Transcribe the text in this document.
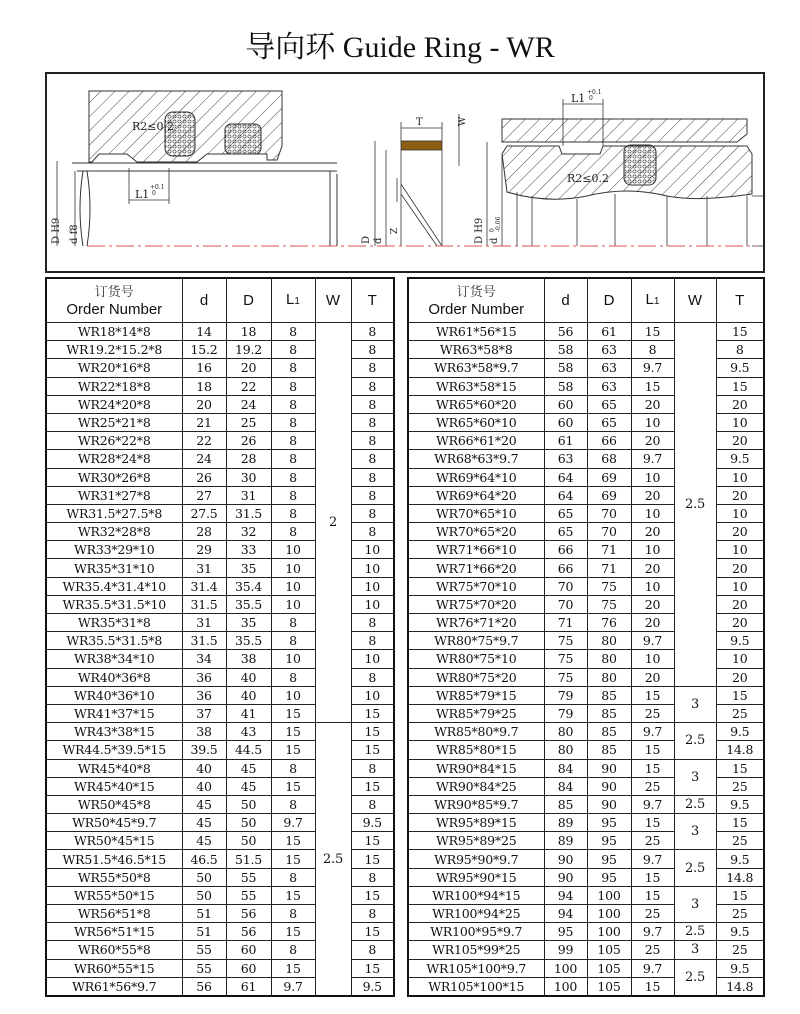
导向环 Guide Ring - WR
R2≤0.2
L1
+0.1
0
D H9 d f8
T	W
Z
D d
L1 +0.1
0
R2≤0.2
D H9 d
0 -0.06
订货号
Order Number	d	D	L1	W	T
WR18*14*8	14	18	8	2	8
WR19.2*15.2*8	15.2	19.2	8		8
WR20*16*8	16	20	8		8
WR22*18*8	18	22	8		8
WR24*20*8	20	24	8		8
WR25*21*8	21	25	8		8
WR26*22*8	22	26	8		8
WR28*24*8	24	28	8		8
WR30*26*8	26	30	8		8
WR31*27*8	27	31	8		8
WR31.5*27.5*8	27.5	31.5	8		8
WR32*28*8	28	32	8		8
WR33*29*10	29	33	10		10
WR35*31*10	31	35	10		10
WR35.4*31.4*10	31.4	35.4	10		10
WR35.5*31.5*10	31.5	35.5	10		10
WR35*31*8	31	35	8		8
WR35.5*31.5*8	31.5	35.5	8		8
WR38*34*10	34	38	10		10
WR40*36*8	36	40	8		8
WR40*36*10	36	40	10		10
WR41*37*15	37	41	15		15
WR43*38*15	38	43	15	2.5	15
WR44.5*39.5*15	39.5	44.5	15		15
WR45*40*8	40	45	8		8
WR45*40*15	40	45	15		15
WR50*45*8	45	50	8		8
WR50*45*9.7	45	50	9.7		9.5
WR50*45*15	45	50	15		15
WR51.5*46.5*15	46.5	51.5	15		15
WR55*50*8	50	55	8		8
WR55*50*15	50	55	15		15
WR56*51*8	51	56	8		8
WR56*51*15	51	56	15		15
WR60*55*8	55	60	8		8
WR60*55*15	55	60	15		15
WR61*56*9.7	56	61	9.7		9.5
订货号
Order Number	d	D	L1	W	T
WR61*56*15	56	61	15	2.5	15
WR63*58*8	58	63	8		8
WR63*58*9.7	58	63	9.7		9.5
WR63*58*15	58	63	15		15
WR65*60*20	60	65	20		20
WR65*60*10	60	65	10		10
WR66*61*20	61	66	20		20
WR68*63*9.7	63	68	9.7		9.5
WR69*64*10	64	69	10		10
WR69*64*20	64	69	20		20
WR70*65*10	65	70	10		10
WR70*65*20	65	70	20		20
WR71*66*10	66	71	10		10
WR71*66*20	66	71	20		20
WR75*70*10	70	75	10		10
WR75*70*20	70	75	20		20
WR76*71*20	71	76	20		20
WR80*75*9.7	75	80	9.7		9.5
WR80*75*10	75	80	10		10
WR80*75*20	75	80	20		20
WR85*79*15	79	85	15	3	15
WR85*79*25	79	85	25		25
WR85*80*9.7	80	85	9.7	2.5	9.5
WR85*80*15	80	85	15		14.8
WR90*84*15	84	90	15	3	15
WR90*84*25	84	90	25		25
WR90*85*9.7	85	90	9.7	2.5	9.5
WR95*89*15	89	95	15	3	15
WR95*89*25	89	95	25		25
WR95*90*9.7	90	95	9.7	2.5	9.5
WR95*90*15	90	95	15		14.8
WR100*94*15	94	100	15	3	15
WR100*94*25	94	100	25		25
WR100*95*9.7	95	100	9.7	2.5	9.5
WR105*99*25	99	105	25	3	25
WR105*100*9.7	100	105	9.7	2.5	9.5
WR105*100*15	100	105	15		14.8
